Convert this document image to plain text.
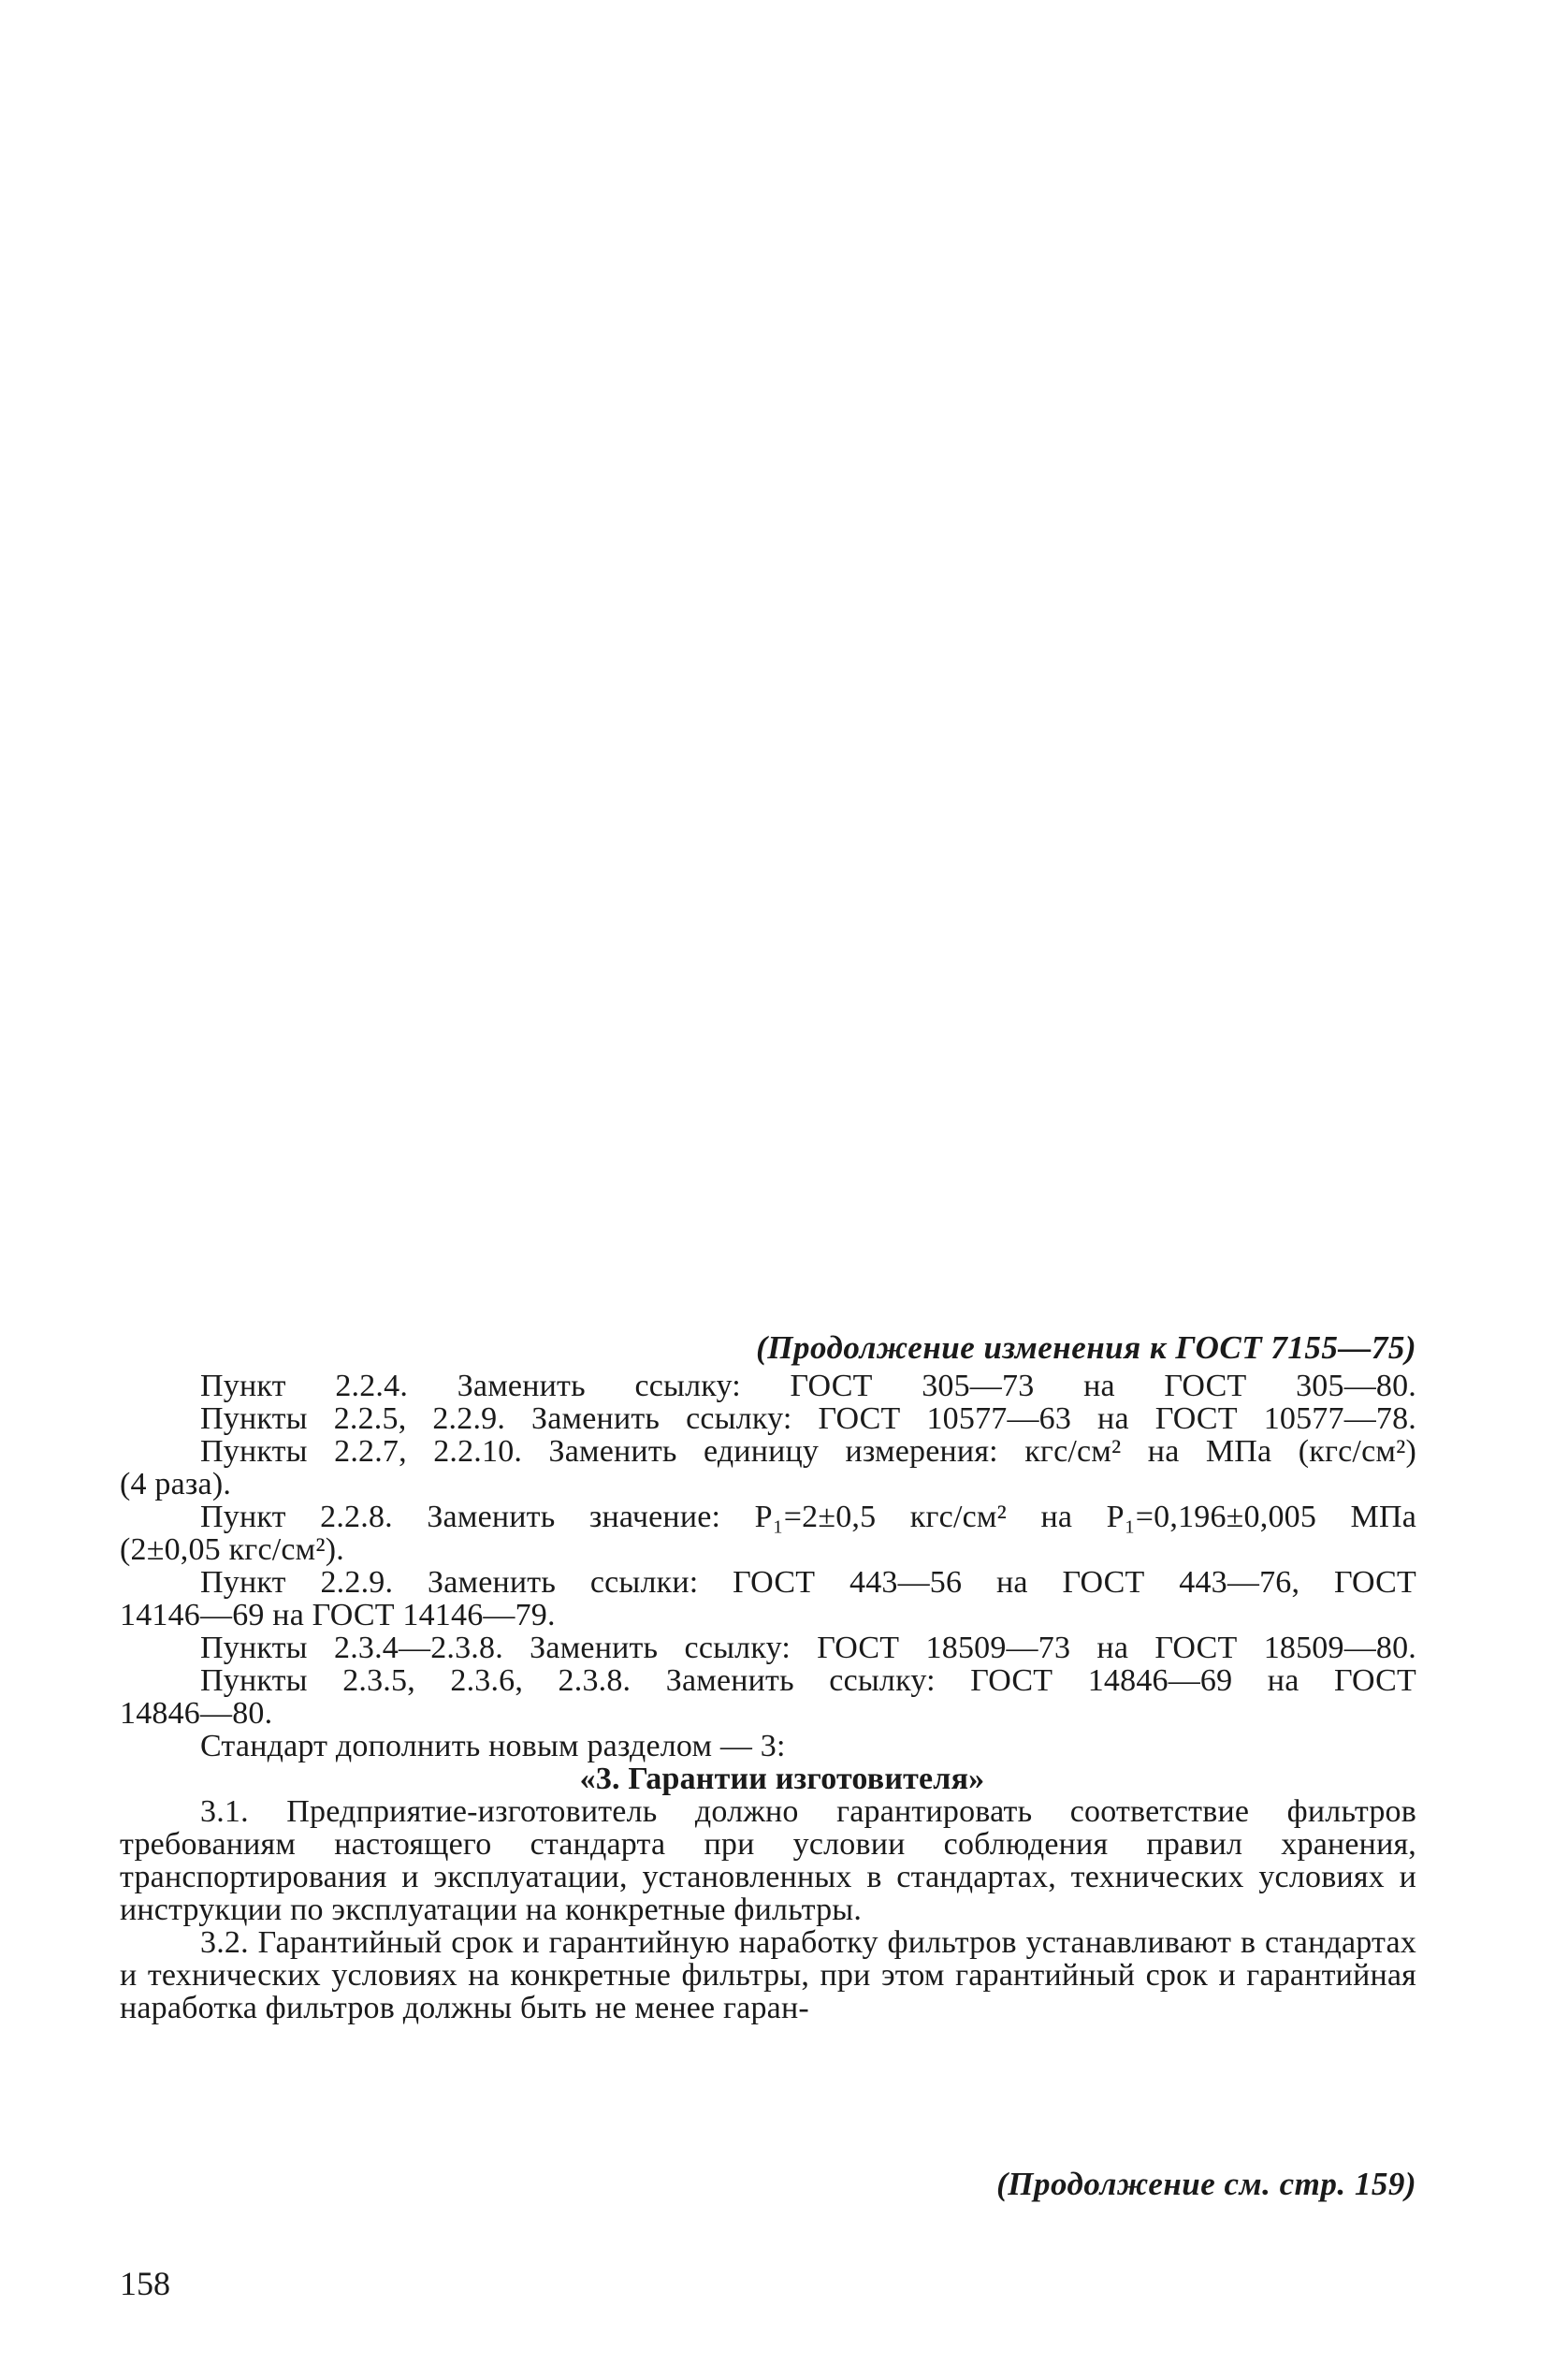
(Продолжение изменения к ГОСТ 7155—75)

Пункт 2.2.4. Заменить ссылку: ГОСТ 305—73 на ГОСТ 305—80.

Пункты 2.2.5, 2.2.9. Заменить ссылку: ГОСТ 10577—63 на ГОСТ 10577—78.

Пункты 2.2.7, 2.2.10. Заменить единицу измерения: кгс/см² на МПа (кгс/см²)

(4 раза).

Пункт 2.2.8. Заменить значение: P₁=2±0,5 кгс/см² на P₁=0,196±0,005 МПа

(2±0,05 кгс/см²).

Пункт 2.2.9. Заменить ссылки: ГОСТ 443—56 на ГОСТ 443—76, ГОСТ

14146—69 на ГОСТ 14146—79.

Пункты 2.3.4—2.3.8. Заменить ссылку: ГОСТ 18509—73 на ГОСТ 18509—80.

Пункты 2.3.5, 2.3.6, 2.3.8. Заменить ссылку: ГОСТ 14846—69 на ГОСТ

14846—80.

Стандарт дополнить новым разделом — 3:

«3. Гарантии изготовителя»

3.1. Предприятие-изготовитель должно гарантировать соответствие фильтров требованиям настоящего стандарта при условии соблюдения правил хранения, транспортирования и эксплуатации, установленных в стандартах, технических условиях и инструкции по эксплуатации на конкретные фильтры.

3.2. Гарантийный срок и гарантийную наработку фильтров устанавливают в стандартах и технических условиях на конкретные фильтры, при этом гарантийный срок и гарантийная наработка фильтров должны быть не менее гаран-

(Продолжение см. стр. 159)
158
